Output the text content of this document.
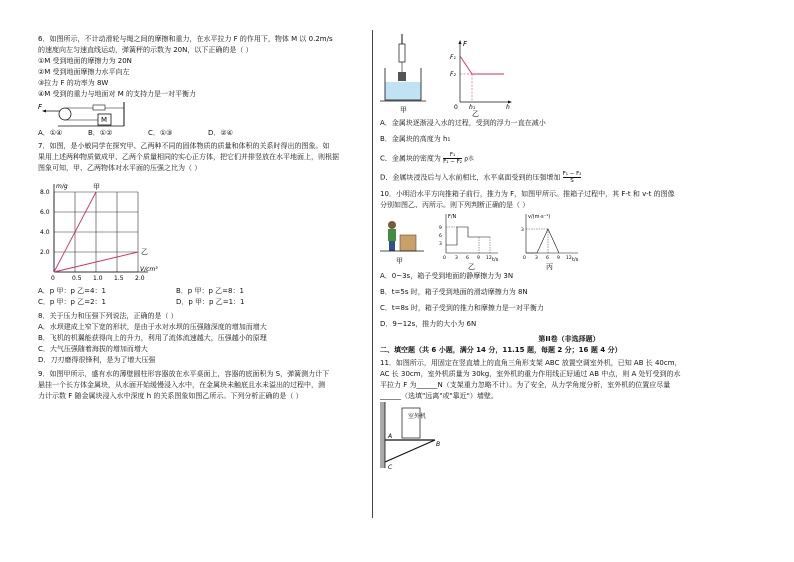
6．如图所示，不计动滑轮与绳之间的摩擦和重力，在水平拉力 F 的作用下，物体 M 以 0.2m/s

的速度向左匀速直线运动，弹簧秤的示数为 20N，以下正确的是（ ）

①M 受到地面的摩擦力为 20N

②M 受到地面摩擦力水平向左

③拉力 F 的功率为 8W

④M 受到的重力与地面对 M 的支持力是一对平衡力

F
M
A．①④	B．①②	C．①③	D．②④

7．如图，是小敏同学在探究甲、乙两种不同的固体物质的质量和体积的关系时得出的图象。如

果用上述两种物质做成甲、乙两个质量相同的实心正方体，把它们并排竖放在水平地面上，则根据

图象可知，甲、乙两物体对水平面的压强之比为（ ）

m/g
V/cm³
0	0.5 1.0 1.5 2.0
2.0
4.0
6.0
8.0
甲
乙
A．p 甲：p 乙=4：1	B．p 甲：p 乙=8：1
C．p 甲：p 乙=2：1	D．p 甲：p 乙=1：1

8．关于压力和压强下列说法，正确的是（ ）

A．水坝建成上窄下宽的形状，是由于水对水坝的压强随深度的增加而增大

B．飞机的机翼能获得向上的升力，利用了流体流速越大，压强越小的原理

C．大气压强随着海拔的增加而增大

D．刀刃磨得很锋利，是为了增大压强

9．如图甲所示，盛有水的薄壁圆柱形容器放在水平桌面上，容器的底面积为 S，弹簧测力计下

悬挂一个长方体金属块，从水面开始缓慢浸入水中，在金属块未触底且水未溢出的过程中，测

力计示数 F 随金属块浸入水中深度 h 的关系图象如图乙所示。下列分析正确的是（ ）

甲
F
F₁
F₂
0 h₁	h
乙

A．金属块逐渐浸入水的过程，受到的浮力一直在减小

B．金属块的高度为 h₁

C．金属块的密度为 $\frac{\text{F₁}}{\text{F₁ − F₂}}$ ρ水

D．金属块浸没后与入水前相比，水平桌面受到的压强增加 $\frac{\text{F₁ − F₂}}{S}$

10．小明沿水平方向推箱子前行，推力为 F，如图甲所示。推箱子过程中，其 F-t 和 v-t 的图像

分别如图乙、丙所示。则下列判断正确的是（ ）

甲
F/N
t/s
9
6
3
0 3 6 9 12
乙
v/(m·s⁻¹)
t/s
3
0 3 6 9 12
丙

A．0~3s，箱子受到地面的静摩擦力为 3N

B．t=5s 时，箱子受到地面的滑动摩擦力为 8N

C．t=8s 时，箱子受到的推力和摩擦力是一对平衡力

D．9~12s，推力的大小为 6N

第II卷（非选择题）

二、填空题（共 6 小题，满分 14 分，11.15 题，每题 2 分；16 题 4 分）

11．如图所示，用固定在竖直墙上的直角三角形支架 ABC 放置空调室外机，已知 AB 长 40cm，

AC 长 30cm，室外机质量为 30kg，室外机的重力作用线正好通过 AB 中点，则 A 处钉受到的水

平拉力 F 为______N（支架重力忽略不计）。为了安全，从力学角度分析，室外机的位置应尽量

______（选填"远离"或"靠近"）墙壁。

室外机
A
B
C
